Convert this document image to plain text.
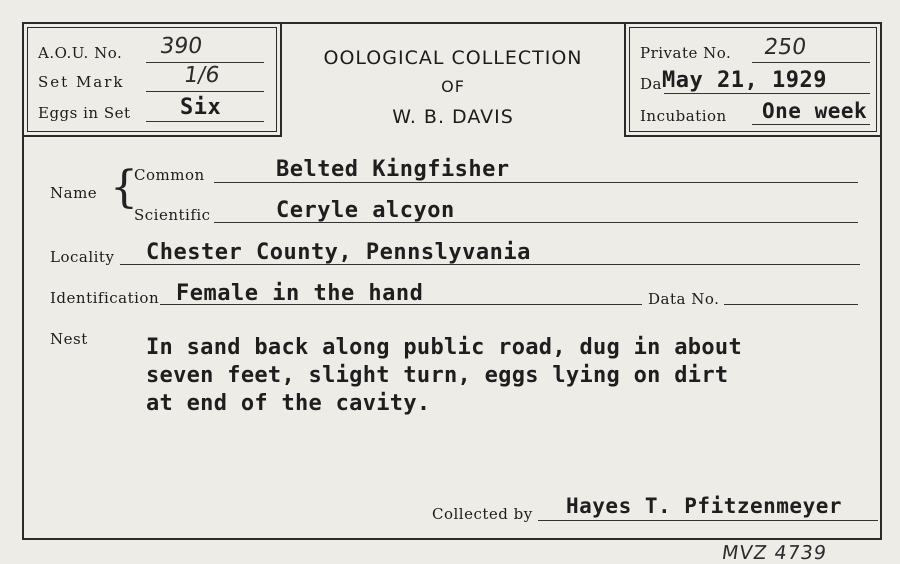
A.O.U. No. 390
Set Mark	1/6
Eggs in Set Six
OOLOGICAL COLLECTION
OF
W. B. DAVIS
Private No. 250
Da May 21, 1929
Incubation One week
Name {
Common	Belted Kingfisher
Scientific	Ceryle alcyon
Locality Chester County, Pennslyvania
Identification Female in the hand	Data No.
Nest	In sand back along public road, dug in about
seven feet, slight turn, eggs lying on dirt
at end of the cavity.
Collected by Hayes T. Pfitzenmeyer
MVZ 4739
